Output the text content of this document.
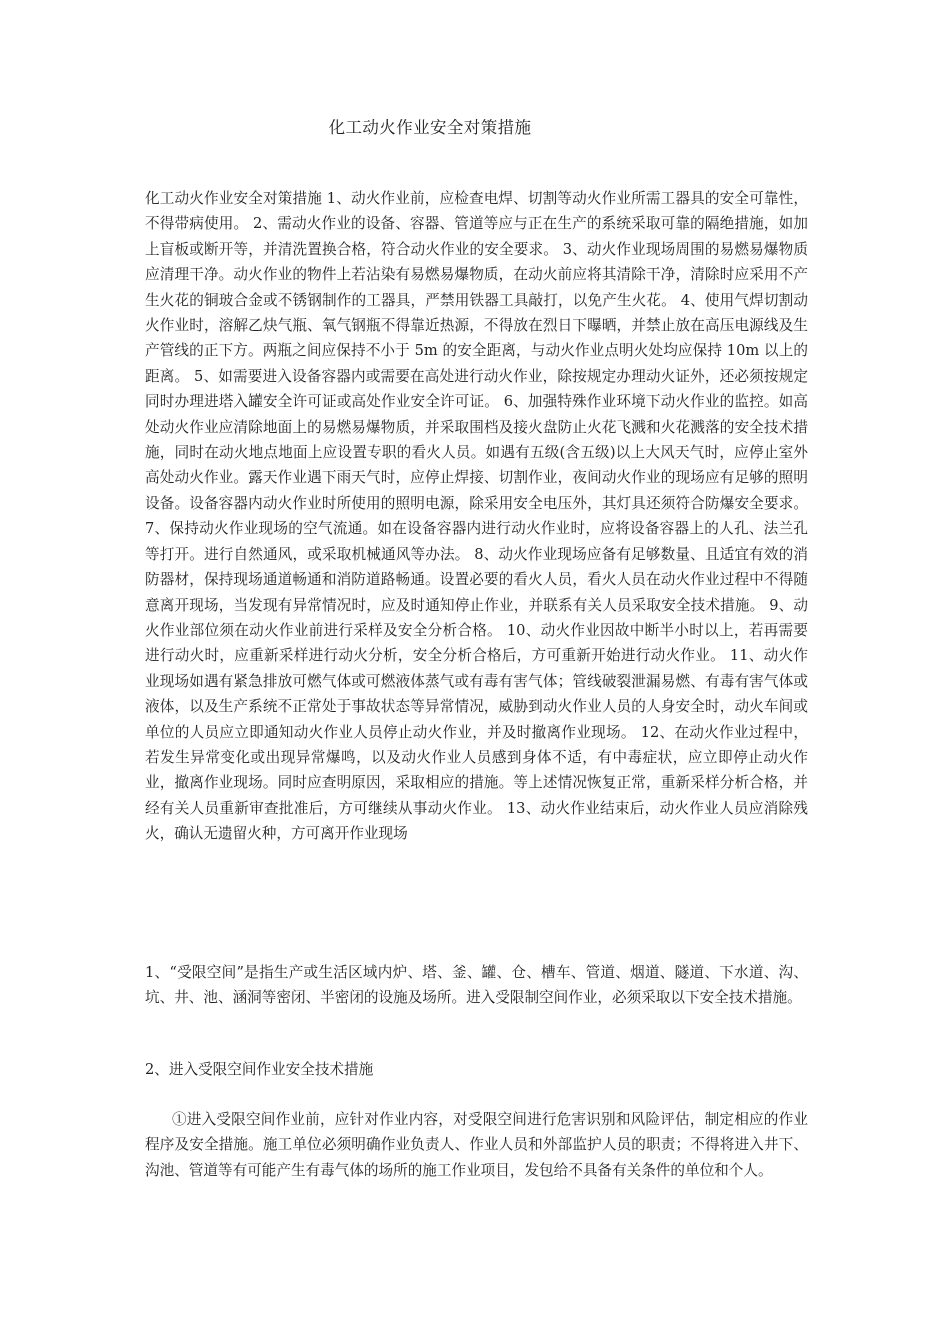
化工动火作业安全对策措施

化工动火作业安全对策措施 1、动火作业前，应检查电焊、切割等动火作业所需工器具的安全可靠性，不得带病使用。 2、需动火作业的设备、容器、管道等应与正在生产的系统采取可靠的隔绝措施，如加上盲板或断开等，并清洗置换合格，符合动火作业的安全要求。 3、动火作业现场周围的易燃易爆物质应清理干净。动火作业的物件上若沾染有易燃易爆物质，在动火前应将其清除干净，清除时应采用不产生火花的铜玻合金或不锈钢制作的工器具，严禁用铁器工具敲打，以免产生火花。 4、使用气焊切割动火作业时，溶解乙炔气瓶、氧气钢瓶不得靠近热源，不得放在烈日下曝晒，并禁止放在高压电源线及生产管线的正下方。两瓶之间应保持不小于 5m 的安全距离，与动火作业点明火处均应保持 10m 以上的距离。 5、如需要进入设备容器内或需要在高处进行动火作业，除按规定办理动火证外，还必须按规定同时办理进塔入罐安全许可证或高处作业安全许可证。 6、加强特殊作业环境下动火作业的监控。如高处动火作业应清除地面上的易燃易爆物质，并采取围档及接火盘防止火花飞溅和火花溅落的安全技术措施，同时在动火地点地面上应设置专职的看火人员。如遇有五级(含五级)以上大风天气时，应停止室外高处动火作业。露天作业遇下雨天气时，应停止焊接、切割作业，夜间动火作业的现场应有足够的照明设备。设备容器内动火作业时所使用的照明电源，除采用安全电压外，其灯具还须符合防爆安全要求。 7、保持动火作业现场的空气流通。如在设备容器内进行动火作业时，应将设备容器上的人孔、法兰孔等打开。进行自然通风，或采取机械通风等办法。 8、动火作业现场应备有足够数量、且适宜有效的消防器材，保持现场通道畅通和消防道路畅通。设置必要的看火人员，看火人员在动火作业过程中不得随意离开现场，当发现有异常情况时，应及时通知停止作业，并联系有关人员采取安全技术措施。 9、动火作业部位须在动火作业前进行采样及安全分析合格。 10、动火作业因故中断半小时以上，若再需要进行动火时，应重新采样进行动火分析，安全分析合格后，方可重新开始进行动火作业。 11、动火作业现场如遇有紧急排放可燃气体或可燃液体蒸气或有毒有害气体；管线破裂泄漏易燃、有毒有害气体或液体，以及生产系统不正常处于事故状态等异常情况，威胁到动火作业人员的人身安全时，动火车间或单位的人员应立即通知动火作业人员停止动火作业，并及时撤离作业现场。 12、在动火作业过程中，若发生异常变化或出现异常爆鸣，以及动火作业人员感到身体不适，有中毒症状，应立即停止动火作业，撤离作业现场。同时应查明原因，采取相应的措施。等上述情况恢复正常，重新采样分析合格，并经有关人员重新审查批准后，方可继续从事动火作业。 13、动火作业结束后，动火作业人员应消除残火，确认无遗留火种，方可离开作业现场

1、“受限空间”是指生产或生活区域内炉、塔、釜、罐、仓、槽车、管道、烟道、隧道、下水道、沟、坑、井、池、涵洞等密闭、半密闭的设施及场所。进入受限制空间作业，必须采取以下安全技术措施。

2、进入受限空间作业安全技术措施

①进入受限空间作业前，应针对作业内容，对受限空间进行危害识别和风险评估，制定相应的作业程序及安全措施。施工单位必须明确作业负责人、作业人员和外部监护人员的职责；不得将进入井下、沟池、管道等有可能产生有毒气体的场所的施工作业项目，发包给不具备有关条件的单位和个人。
